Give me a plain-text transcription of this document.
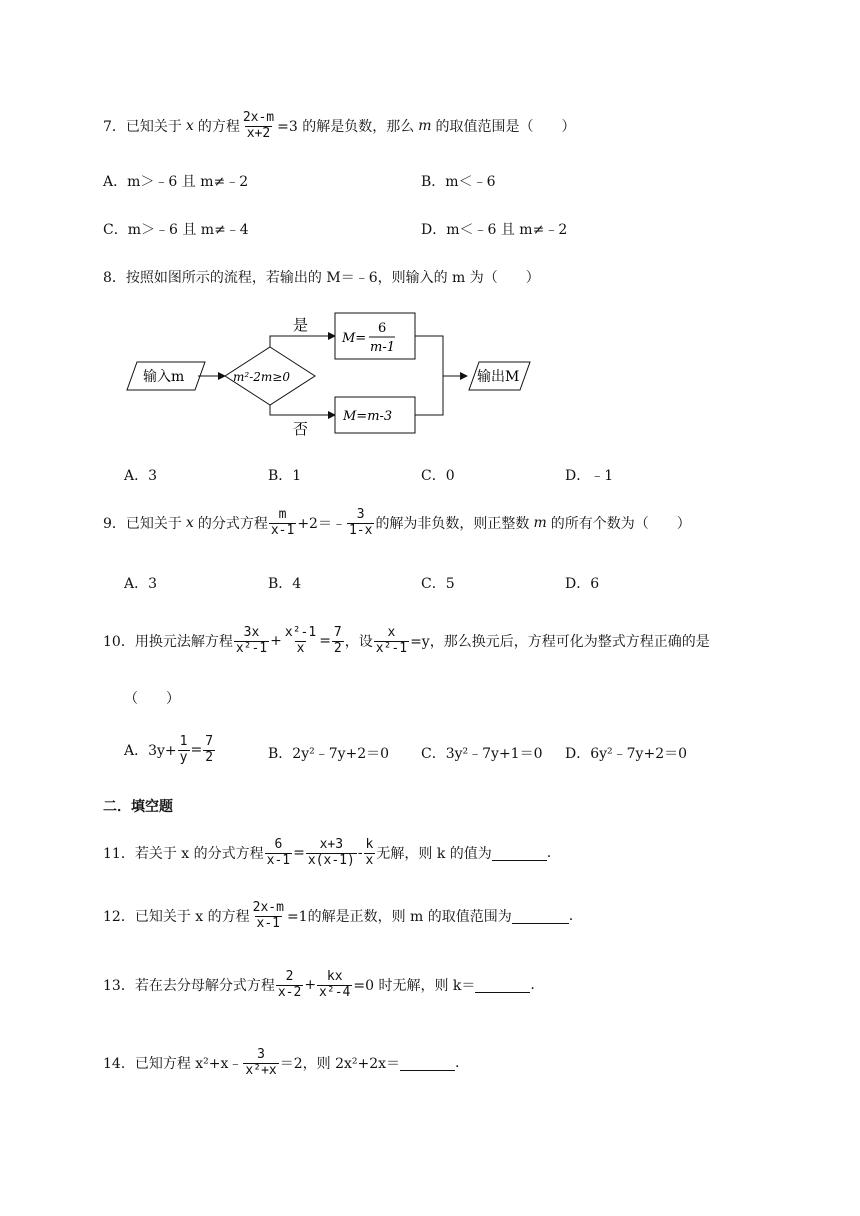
7． 已知关于 x 的方程 $\frac{2x-m}{x+2} =3$ 的解是负数，那么 m 的取值范围是（　　）
A．m＞﹣6 且 m≠﹣2	B．m＜﹣6
C．m＞﹣6 且 m≠﹣4	D．m＜﹣6 且 m≠﹣2
8．按照如图所示的流程，若输出的 M＝﹣6，则输入的 m 为（　　）
输入m	m²-2m≥0
是
否
M=
6
m-1
M=m-3
输出M
A．3	B．1	C．0	D．﹣1
9． 已知关于 x 的分式方程 $\frac{m}{x-1}$ +2＝﹣ $\frac{3}{1-x}$ 的解为非负数，则正整数 m 的所有个数为（　　）
A．3	B．4	C．5	D．6
10． 用换元法解方程 $\frac{3x}{\text{x²-1}} + \frac{\text{x²-1}}{x} = \frac{7}{2}$ ，设 $\frac{x}{\text{x²-1}} =y$，那么换元后，方程可化为整式方程正确的是
（　　）
A．$3y+ \frac{1}{y} = \frac{7}{2}$	B．2y²﹣7y+2＝0 C．3y²﹣7y+1＝0 D．6y²﹣7y+2＝0
二．填空题
11． 若关于 x 的分式方程 $\frac{6}{x-1} = \frac{x+3}{x(x-1)} - \frac{k}{x}$ 无解，则 k 的值为	.
12． 已知关于 x 的方程 $\frac{2x-m}{x-1} =1$的解是正数，则 m 的取值范围为	.
13． 若在去分母解分式方程 $\frac{2}{x-2} + \frac{kx}{\text{x²-4}} =0$ 时无解，则 k＝	.
14． 已知方程 x²+x﹣ $\frac{3}{\text{x²+x}} =2$，则 2x²+2x＝	.
